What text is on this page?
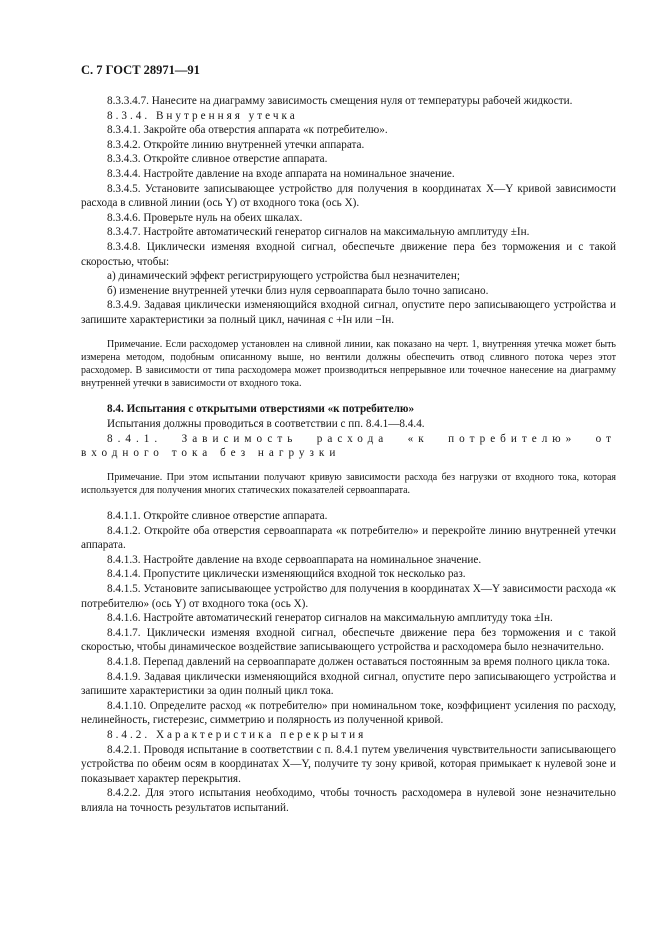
С. 7 ГОСТ 28971—91

8.3.3.4.7. Нанесите на диаграмму зависимость смещения нуля от температуры рабочей жидкости.

8.3.4. Внутренняя утечка

8.3.4.1. Закройте оба отверстия аппарата «к потребителю».

8.3.4.2. Откройте линию внутренней утечки аппарата.

8.3.4.3. Откройте сливное отверстие аппарата.

8.3.4.4. Настройте давление на входе аппарата на номинальное значение.

8.3.4.5. Установите записывающее устройство для получения в координатах X—Y кривой зависимости расхода в сливной линии (ось Y) от входного тока (ось X).

8.3.4.6. Проверьте нуль на обеих шкалах.

8.3.4.7. Настройте автоматический генератор сигналов на максимальную амплитуду ±Iн.

8.3.4.8. Циклически изменяя входной сигнал, обеспечьте движение пера без торможения и с такой скоростью, чтобы:

а) динамический эффект регистрирующего устройства был незначителен;

б) изменение внутренней утечки близ нуля сервоаппарата было точно записано.

8.3.4.9. Задавая циклически изменяющийся входной сигнал, опустите перо записывающего устройства и запишите характеристики за полный цикл, начиная с +Iн или −Iн.

Примечание. Если расходомер установлен на сливной линии, как показано на черт. 1, внутренняя утечка может быть измерена методом, подобным описанному выше, но вентили должны обеспечить отвод сливного потока через этот расходомер. В зависимости от типа расходомера может производиться непрерывное или точечное нанесение на диаграмму внутренней утечки в зависимости от входного тока.

8.4. Испытания с открытыми отверстиями «к потребителю»

Испытания должны проводиться в соответствии с пп. 8.4.1—8.4.4.

8.4.1. Зависимость расхода «к потребителю» от входного тока без нагрузки

Примечание. При этом испытании получают кривую зависимости расхода без нагрузки от входного тока, которая используется для получения многих статических показателей сервоаппарата.

8.4.1.1. Откройте сливное отверстие аппарата.

8.4.1.2. Откройте оба отверстия сервоаппарата «к потребителю» и перекройте линию внутренней утечки аппарата.

8.4.1.3. Настройте давление на входе сервоаппарата на номинальное значение.

8.4.1.4. Пропустите циклически изменяющийся входной ток несколько раз.

8.4.1.5. Установите записывающее устройство для получения в координатах X—Y зависимости расхода «к потребителю» (ось Y) от входного тока (ось X).

8.4.1.6. Настройте автоматический генератор сигналов на максимальную амплитуду тока ±Iн.

8.4.1.7. Циклически изменяя входной сигнал, обеспечьте движение пера без торможения и с такой скоростью, чтобы динамическое воздействие записывающего устройства и расходомера было незначительно.

8.4.1.8. Перепад давлений на сервоаппарате должен оставаться постоянным за время полного цикла тока.

8.4.1.9. Задавая циклически изменяющийся входной сигнал, опустите перо записывающего устройства и запишите характеристики за один полный цикл тока.

8.4.1.10. Определите расход «к потребителю» при номинальном токе, коэффициент усиления по расходу, нелинейность, гистерезис, симметрию и полярность из полученной кривой.

8.4.2. Характеристика перекрытия

8.4.2.1. Проводя испытание в соответствии с п. 8.4.1 путем увеличения чувствительности записывающего устройства по обеим осям в координатах X—Y, получите ту зону кривой, которая примыкает к нулевой зоне и показывает характер перекрытия.

8.4.2.2. Для этого испытания необходимо, чтобы точность расходомера в нулевой зоне незначительно влияла на точность результатов испытаний.
